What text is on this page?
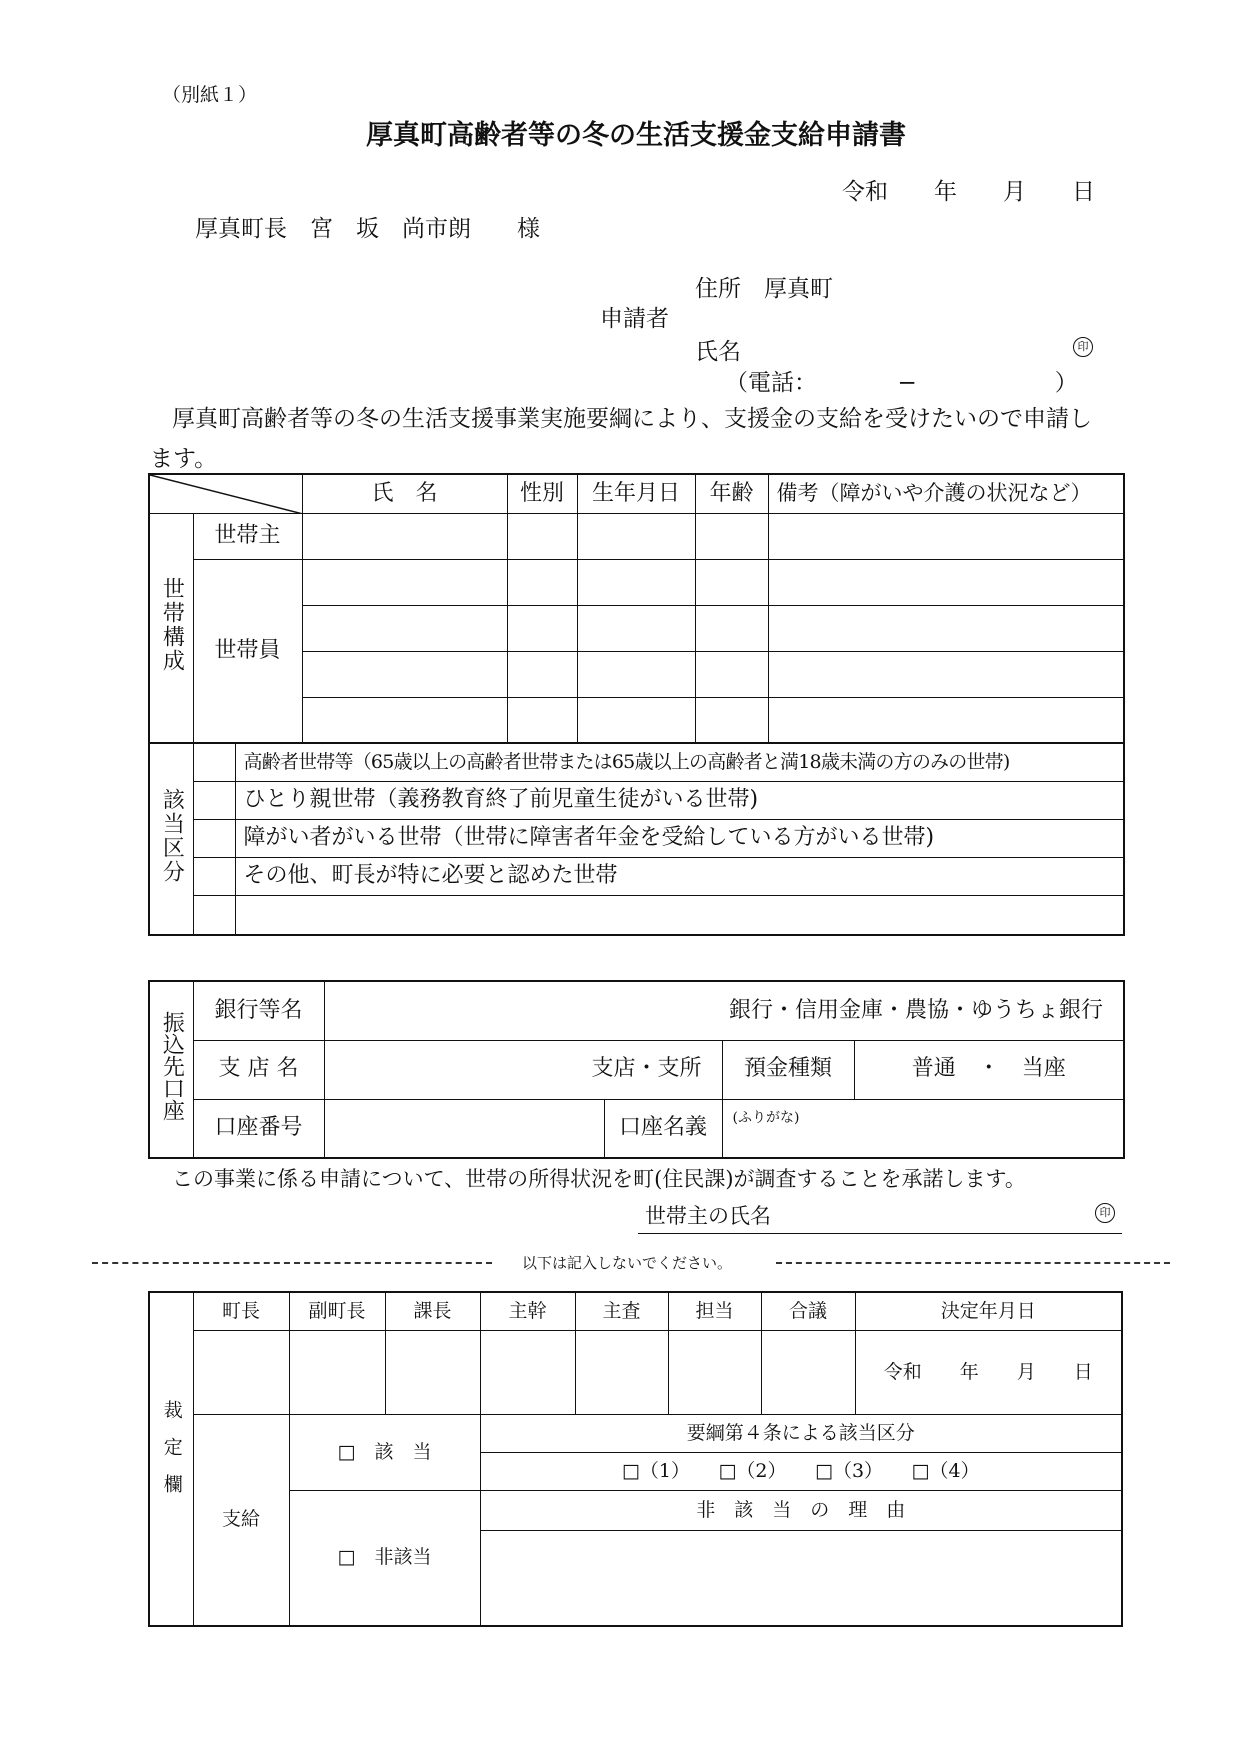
（別紙１）
厚真町高齢者等の冬の生活支援金支給申請書
令和　　年　　月　　日
厚真町長　宮　坂　尚市朗　　様
住所　厚真町
申請者
氏名	印
（電話：　　　　−　　　　　　）
厚真町高齢者等の冬の生活支援事業実施要綱により、支援金の支給を受けたいので申請し
ます。
	氏　名	性別	生年月日	年齢	備考（障がいや介護の状況など）
世帯構成	世帯主					
	世帯員					

該当区分		高齢者世帯等（65歳以上の高齢者世帯または65歳以上の高齢者と満18歳未満の方のみの世帯)
		ひとり親世帯（義務教育終了前児童生徒がいる世帯)
		障がい者がいる世帯（世帯に障害者年金を受給している方がいる世帯)
		その他、町長が特に必要と認めた世帯

振込先口座	銀行等名	銀行・信用金庫・農協・ゆうちょ銀行			
	支 店 名	支店・支所		預金種類	普通　・　当座
	口座番号		口座名義	(ふりがな)	
この事業に係る申請について、世帯の所得状況を町(住民課)が調査することを承諾します。
世帯主の氏名	印
以下は記入しないでください。
裁定欄	町長	副町長	課長	主幹	主査	担当	合議	決定年月日
								令和　　年　　月　　日
	支給	□　該　当		要綱第４条による該当区分				
				□（1）　　□（2）　　□（3）　　□（4）				
		□　非該当		非　該　当　の　理　由				
